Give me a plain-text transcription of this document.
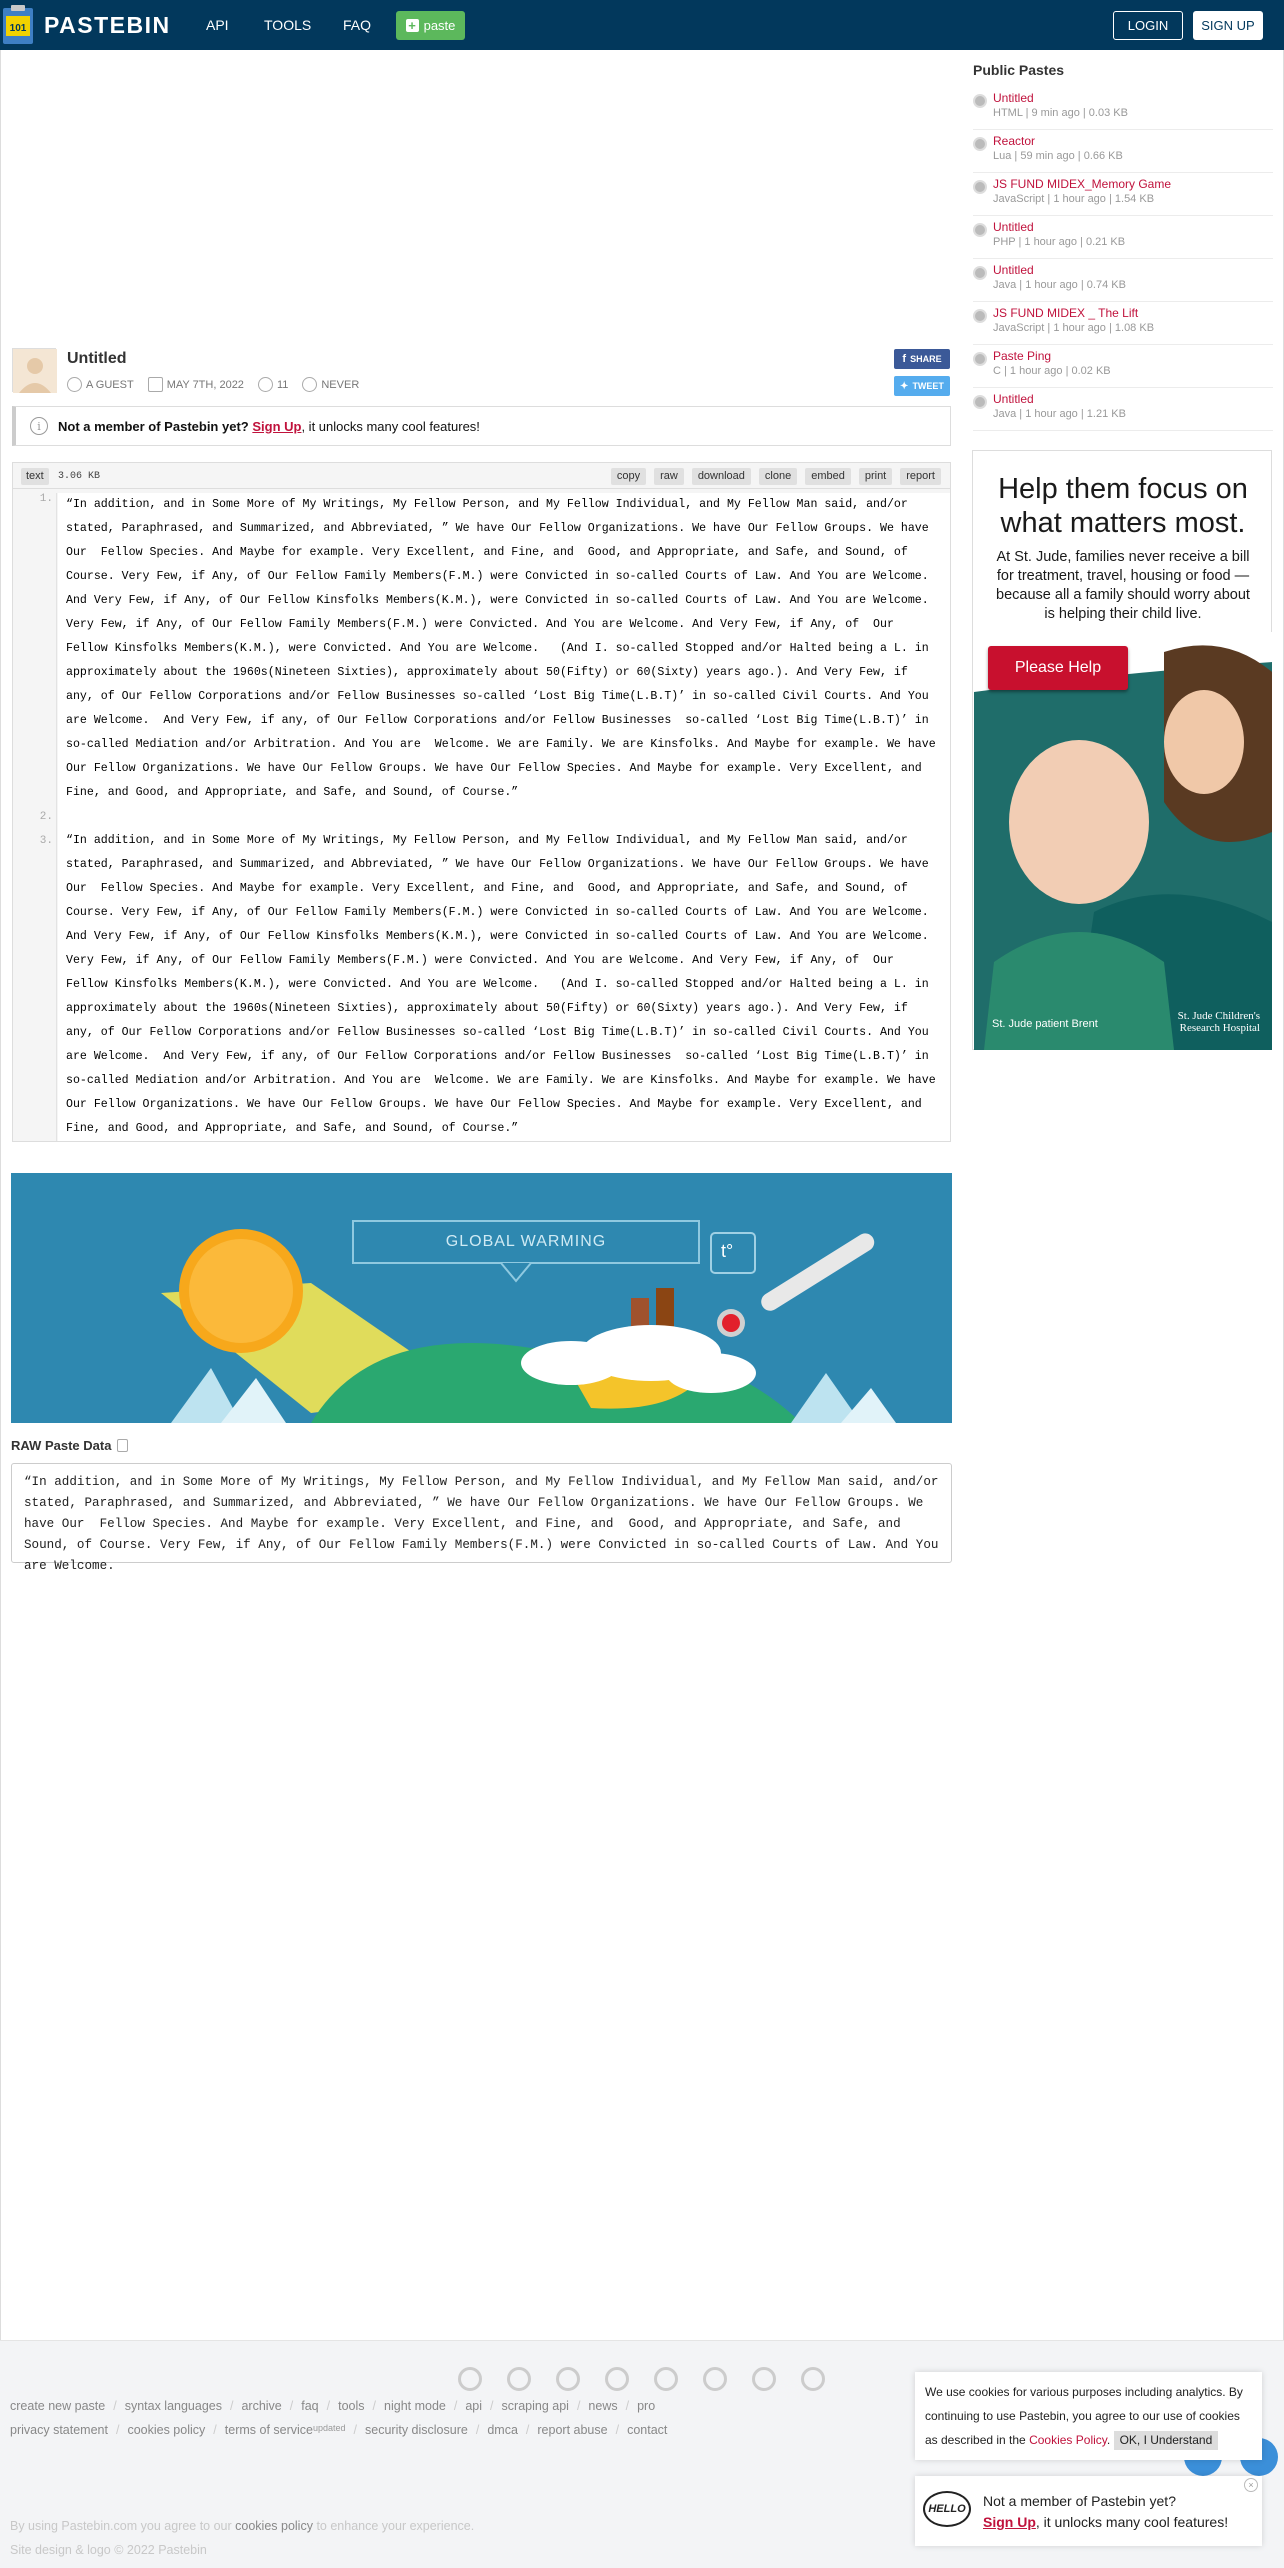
101 PASTEBIN	API	TOOLS FAQ	+ paste	LOGIN	SIGN UP
Untitled
A GUEST	MAY 7TH, 2022	11	NEVER
f SHARE
✦ TWEET
i	Not a member of Pastebin yet? Sign Up, it unlocks many cool features!
text	3.06 KB	copy	raw	download	clone	embed	print	report
1.	“In addition, and in Some More of My Writings, My Fellow Person, and My Fellow Individual, and My Fellow Man said, and/or stated, Paraphrased, and Summarized, and Abbreviated, ” We have Our Fellow Organizations. We have Our Fellow Groups. We have Our  Fellow Species. And Maybe for example. Very Excellent, and Fine, and  Good, and Appropriate, and Safe, and Sound, of Course. Very Few, if Any, of Our Fellow Family Members(F.M.) were Convicted in so-called Courts of Law. And You are Welcome. And Very Few, if Any, of Our Fellow Kinsfolks Members(K.M.), were Convicted in so-called Courts of Law. And You are Welcome. Very Few, if Any, of Our Fellow Family Members(F.M.) were Convicted. And You are Welcome. And Very Few, if Any, of  Our Fellow Kinsfolks Members(K.M.), were Convicted. And You are Welcome.   (And I. so-called Stopped and/or Halted being a L. in approximately about the 1960s(Nineteen Sixties), approximately about 50(Fifty) or 60(Sixty) years ago.). And Very Few, if any, of Our Fellow Corporations and/or Fellow Businesses so-called ‘Lost Big Time(L.B.T)’ in so-called Civil Courts. And You are Welcome.  And Very Few, if any, of Our Fellow Corporations and/or Fellow Businesses  so-called ‘Lost Big Time(L.B.T)’ in so-called Mediation and/or Arbitration. And You are  Welcome. We are Family. We are Kinsfolks. And Maybe for example. We have Our Fellow Organizations. We have Our Fellow Groups. We have Our Fellow Species. And Maybe for example. Very Excellent, and Fine, and Good, and Appropriate, and Safe, and Sound, of Course.”
2.
3.	“In addition, and in Some More of My Writings, My Fellow Person, and My Fellow Individual, and My Fellow Man said, and/or stated, Paraphrased, and Summarized, and Abbreviated, ” We have Our Fellow Organizations. We have Our Fellow Groups. We have Our  Fellow Species. And Maybe for example. Very Excellent, and Fine, and  Good, and Appropriate, and Safe, and Sound, of Course. Very Few, if Any, of Our Fellow Family Members(F.M.) were Convicted in so-called Courts of Law. And You are Welcome. And Very Few, if Any, of Our Fellow Kinsfolks Members(K.M.), were Convicted in so-called Courts of Law. And You are Welcome. Very Few, if Any, of Our Fellow Family Members(F.M.) were Convicted. And You are Welcome. And Very Few, if Any, of  Our Fellow Kinsfolks Members(K.M.), were Convicted. And You are Welcome.   (And I. so-called Stopped and/or Halted being a L. in approximately about the 1960s(Nineteen Sixties), approximately about 50(Fifty) or 60(Sixty) years ago.). And Very Few, if any, of Our Fellow Corporations and/or Fellow Businesses so-called ‘Lost Big Time(L.B.T)’ in so-called Civil Courts. And You are Welcome.  And Very Few, if any, of Our Fellow Corporations and/or Fellow Businesses  so-called ‘Lost Big Time(L.B.T)’ in so-called Mediation and/or Arbitration. And You are  Welcome. We are Family. We are Kinsfolks. And Maybe for example. We have Our Fellow Organizations. We have Our Fellow Groups. We have Our Fellow Species. And Maybe for example. Very Excellent, and Fine, and Good, and Appropriate, and Safe, and Sound, of Course.”
GLOBAL WARMING	t°
RAW Paste Data
“In addition, and in Some More of My Writings, My Fellow Person, and My Fellow Individual, and My Fellow Man said, and/or stated, Paraphrased, and Summarized, and Abbreviated, ” We have Our Fellow Organizations. We have Our Fellow Groups. We have Our  Fellow Species. And Maybe for example. Very Excellent, and Fine, and  Good, and Appropriate, and Safe, and Sound, of Course. Very Few, if Any, of Our Fellow Family Members(F.M.) were Convicted in so-called Courts of Law. And You are Welcome.
Public Pastes
Untitled
HTML | 9 min ago | 0.03 KB
Reactor
Lua | 59 min ago | 0.66 KB
JS FUND MIDEX_Memory Game
JavaScript | 1 hour ago | 1.54 KB
Untitled
PHP | 1 hour ago | 0.21 KB
Untitled
Java | 1 hour ago | 0.74 KB
JS FUND MIDEX _ The Lift
JavaScript | 1 hour ago | 1.08 KB
Paste Ping
C | 1 hour ago | 0.02 KB
Untitled
Java | 1 hour ago | 1.21 KB
Help them focus on what matters most.
At St. Jude, families never receive a bill for treatment, travel, housing or food — because all a family should worry about is helping their child live.
Please Help
St. Jude patient Brent
St. Jude Children's
Research Hospital
create new paste / syntax languages / archive / faq / tools / night mode / api / scraping api / news / pro
privacy statement / cookies policy / terms of service updated / security disclosure / dmca / report abuse / contact
By using Pastebin.com you agree to our cookies policy to enhance your experience.
Site design & logo © 2022 Pastebin
We use cookies for various purposes including analytics. By continuing to use Pastebin, you agree to our use of cookies as described in the Cookies Policy. OK, I Understand
HELLO	Not a member of Pastebin yet?
Sign Up, it unlocks many cool features!
×
